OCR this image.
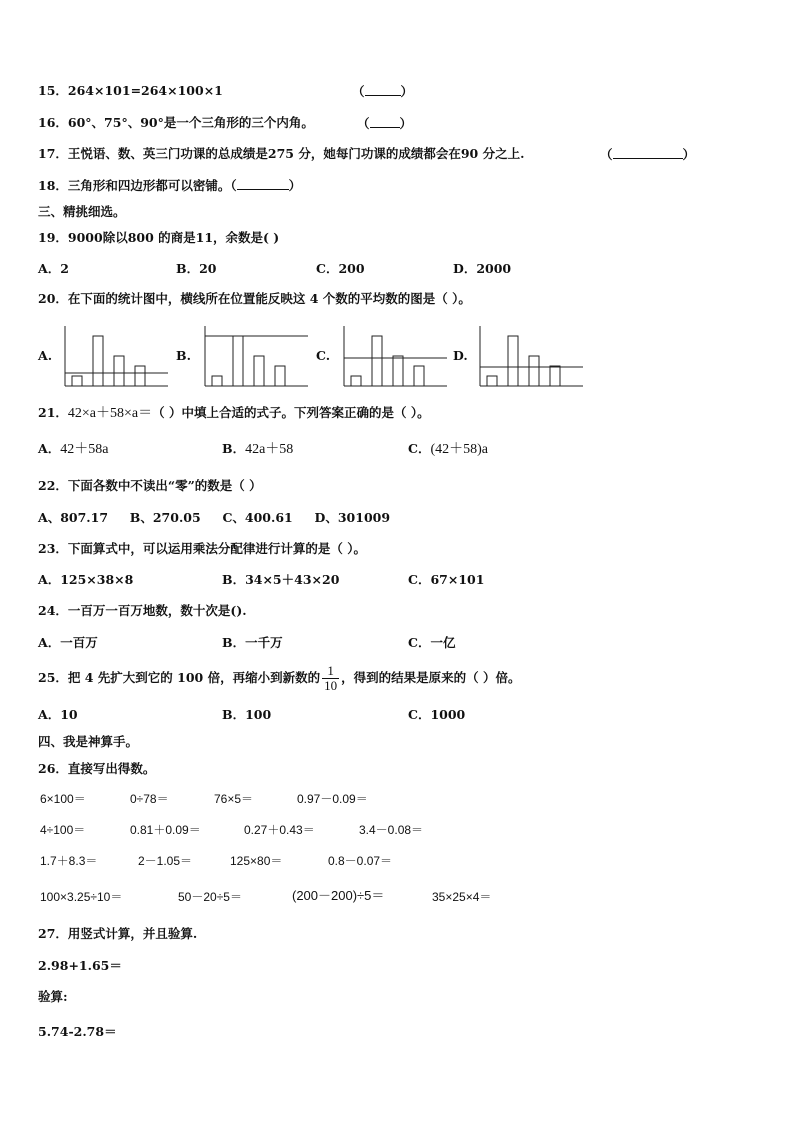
15．264×101=264×100×1	（	）
16．60°、75°、90°是一个三角形的三个内角。	（ ）
17．王悦语、数、英三门功课的总成绩是275 分，她每门功课的成绩都会在90 分之上.	（	）
18．三角形和四边形都可以密铺。（	）
三、精挑细选。
19．9000除以800 的商是11，余数是( )
A．2	B．20	C．200	D．2000
20．在下面的统计图中，横线所在位置能反映这 4 个数的平均数的图是（ ）。
A.	B.	C.	D.
21．42×a＋58×a＝（ ）中填上合适的式子。下列答案正确的是（ ）。
A．42＋58a	B．42a＋58	C．(42＋58)a
22．下面各数中不读出“零”的数是（ ）
A、807.17     B、270.05     C、400.61     D、301009
23．下面算式中，可以运用乘法分配律进行计算的是（ ）。
A．125×38×8	B．34×5＋43×20	C．67×101
24．一百万一百万地数，数十次是().
A．一百万	B．一千万	C．一亿
25．把 4 先扩大到它的 100 倍，再缩小到新数的 $\frac{1}{10}$ ，得到的结果是原来的（ ）倍。
A．10	B．100	C．1000
四、我是神算手。
26．直接写出得数。
6×100＝	0÷78＝	76×5＝	0.97－0.09＝
4÷100＝	0.81＋0.09＝	0.27＋0.43＝	3.4－0.08＝
1.7＋8.3＝	2－1.05＝	125×80＝	0.8－0.07＝
100×3.25÷10＝	50－20÷5＝	(200－200)÷5＝	35×25×4＝
27．用竖式计算，并且验算.
2.98+1.65＝
验算:
5.74-2.78＝
